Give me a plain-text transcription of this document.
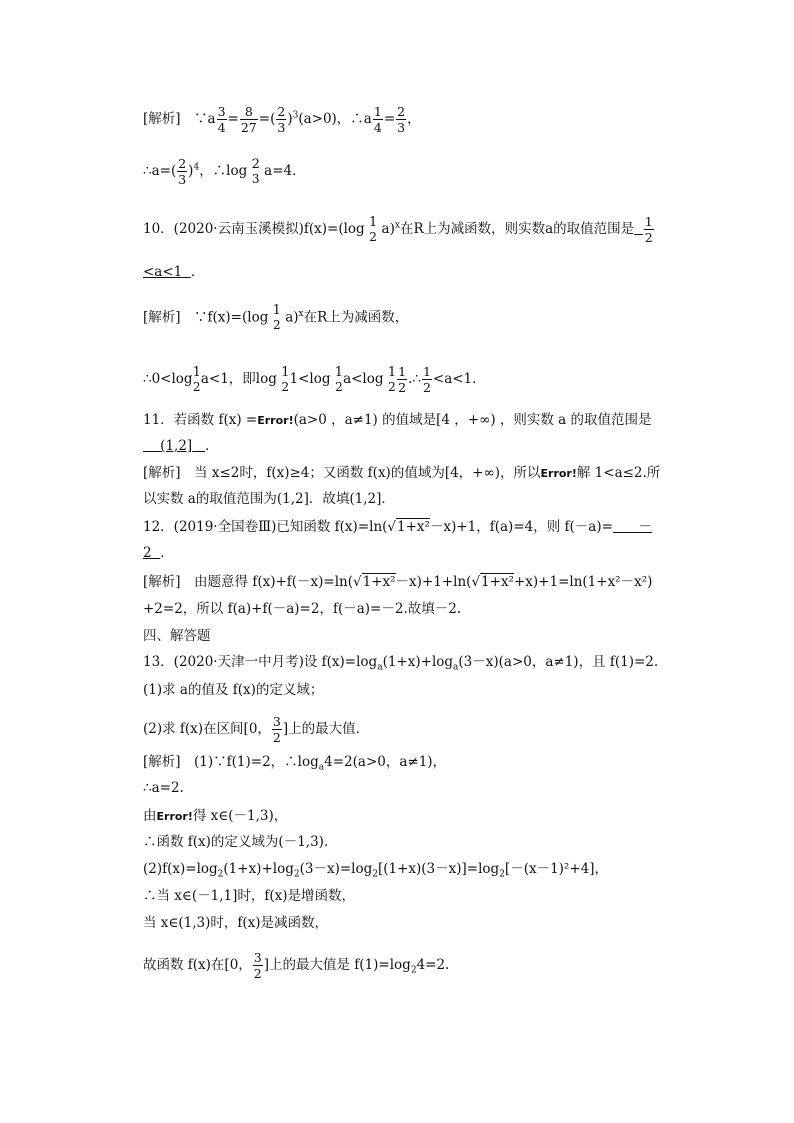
[解析]　∵a $\frac{3}{4} = \frac{8}{27}$ =( $\frac{2}{3} )^3(a>0)$，∴a $\frac{1}{4} = \frac{2}{3}$ ，
∴a=( $\frac{2}{3} )^4$，∴log 2
3 a=4.
10．(2020·云南玉溪模拟)f(x)=(log 1
2 a)$^x$在R上为减函数，则实数a的取值范围是 $\frac{1}{2}$
<a<1 ．
[解析]　∵f(x)=(log 1
2 a)$^x$在R上为减函数，
∴0<log1
2 a<1，即log 1
2 1<log 1
2 a<log 1
$2 \frac{1}{2}$ .∴ $\frac{1}{2} <a<1$.
11．若函数 f(x) =Error!(a>0 ，a≠1) 的值域是[4 ，+∞) ，则实数 a 的取值范围是
(1,2] ．
[解析]　当 x≤2时，f(x)≥4；又函数 f(x)的值域为[4，+∞)，所以Error!解 1<a≤2.所
以实数 a的取值范围为(1,2]．故填(1,2]．
12．(2019·全国卷Ⅲ)已知函数 f(x)=ln(√1+x²－x)+1，f(a)=4，则 f(－a)= －
2 ．
[解析]　由题意得 f(x)+f(－x)=ln(√1+x²－x)+1+ln(√1+x²+x)+1=ln(1+x²－x²)
+2=2，所以 f(a)+f(－a)=2，f(－a)=－2.故填－2.
四、解答题
13．(2020·天津一中月考)设 $f(x)=\log_a(1+x)+\log_a(3-x)(a>0$，a≠1)，且 f(1)=2.
(1)求 a的值及 f(x)的定义域；
(2)求 f(x)在区间[0， $\frac{3}{2}$ ]上的最大值．
[解析]　(1)∵f(1)=2，$\therefore\log_a4=2(a>0$，a≠1)，
∴a=2.
由Error!得 x∈(－1,3)，
∴函数 f(x)的定义域为(－1,3)．
$(2)f(x)=\log_2(1+x)+\log_2(3-x)=\log_2[(1+x)(3-x)]=\log_2[-(x-1)^2+4]$，
∴当 x∈(－1,1]时，f(x)是增函数，
当 x∈(1,3)时，f(x)是减函数，
故函数 f(x)在[0， $\frac{3}{2}$ ]上的最大值是 $f(1)=\log_24=2$.
